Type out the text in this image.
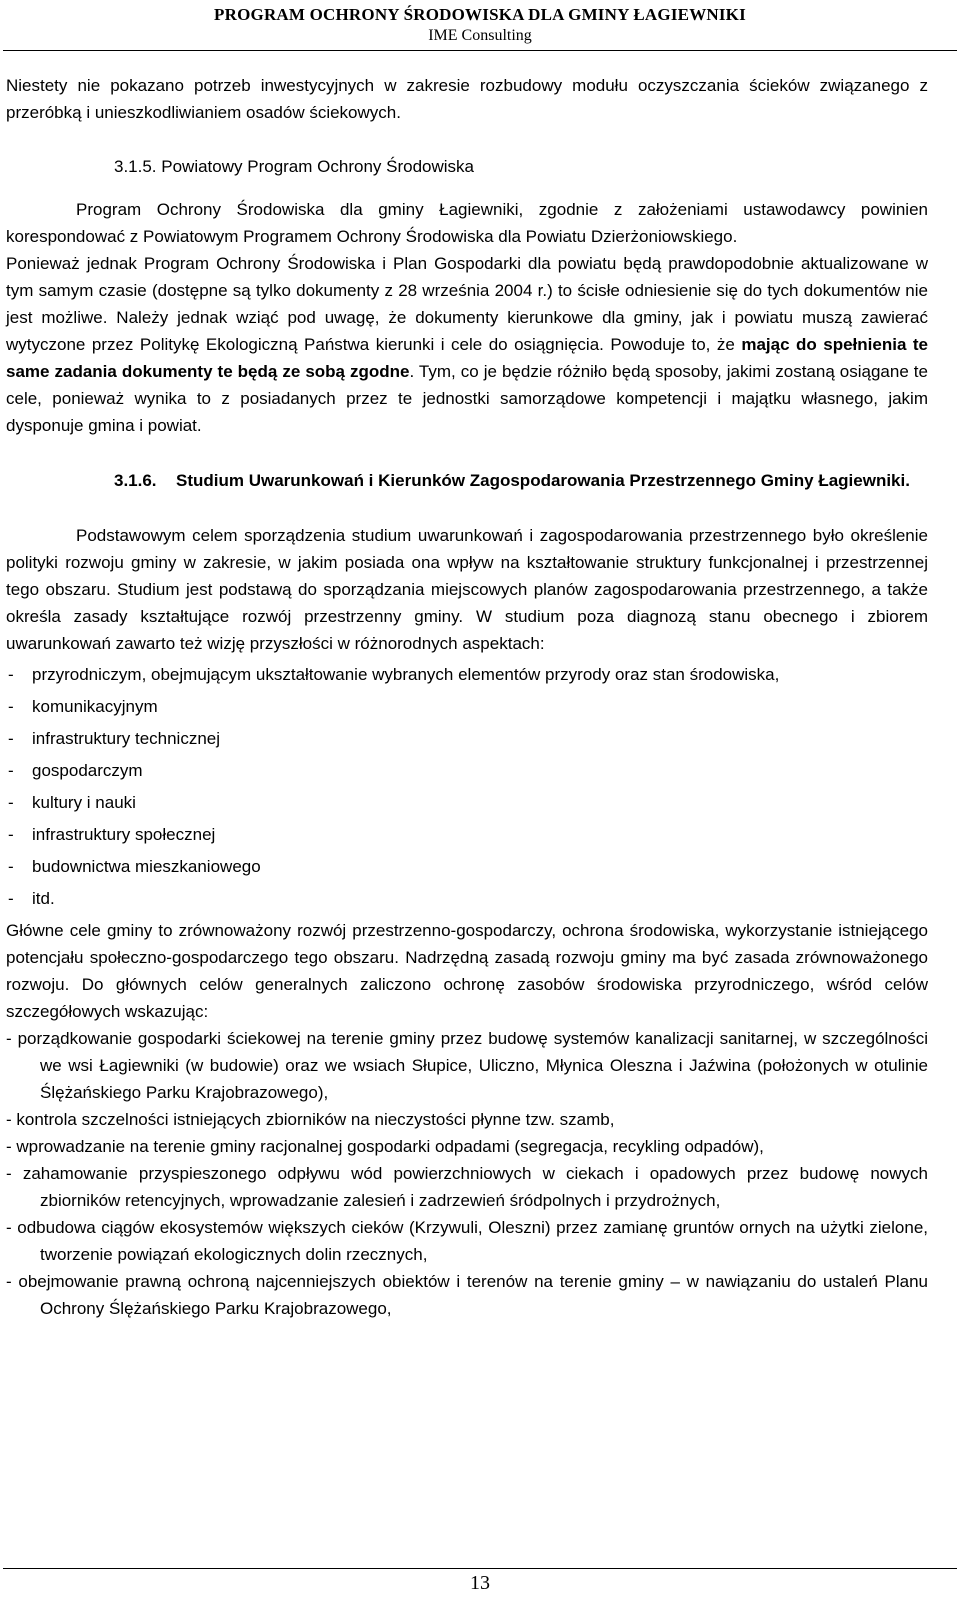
PROGRAM OCHRONY ŚRODOWISKA DLA GMINY ŁAGIEWNIKI
IME Consulting

Niestety nie pokazano potrzeb inwestycyjnych w zakresie rozbudowy modułu oczyszczania ścieków związanego z przeróbką i unieszkodliwianiem osadów ściekowych.

3.1.5. Powiatowy Program Ochrony Środowiska

Program Ochrony Środowiska dla gminy Łagiewniki, zgodnie z założeniami ustawodawcy powinien korespondować z Powiatowym Programem Ochrony Środowiska dla Powiatu Dzierżoniowskiego.

Ponieważ jednak Program Ochrony Środowiska i Plan Gospodarki dla powiatu będą prawdopodobnie aktualizowane w tym samym czasie (dostępne są tylko dokumenty z 28 września 2004 r.) to ścisłe odniesienie się do tych dokumentów nie jest możliwe. Należy jednak wziąć pod uwagę, że dokumenty kierunkowe dla gminy, jak i powiatu muszą zawierać wytyczone przez Politykę Ekologiczną Państwa kierunki i cele do osiągnięcia. Powoduje to, że mając do spełnienia te same zadania dokumenty te będą ze sobą zgodne. Tym, co je będzie różniło będą sposoby, jakimi zostaną osiągane te cele, ponieważ wynika to z posiadanych przez te jednostki samorządowe kompetencji i majątku własnego, jakim dysponuje gmina i powiat.

3.1.6. Studium Uwarunkowań i Kierunków Zagospodarowania Przestrzennego Gminy Łagiewniki.

Podstawowym celem sporządzenia studium uwarunkowań i zagospodarowania przestrzennego było określenie polityki rozwoju gminy w zakresie, w jakim posiada ona wpływ na kształtowanie struktury funkcjonalnej i przestrzennej tego obszaru. Studium jest podstawą do sporządzania miejscowych planów zagospodarowania przestrzennego, a także określa zasady kształtujące rozwój przestrzenny gminy. W studium poza diagnozą stanu obecnego i zbiorem uwarunkowań zawarto też wizję przyszłości w różnorodnych aspektach:

- przyrodniczym, obejmującym ukształtowanie wybranych elementów przyrody oraz stan środowiska,
- komunikacyjnym
- infrastruktury technicznej
- gospodarczym
- kultury i nauki
- infrastruktury społecznej
- budownictwa mieszkaniowego
- itd.

Główne cele gminy to zrównoważony rozwój przestrzenno-gospodarczy, ochrona środowiska, wykorzystanie istniejącego potencjału społeczno-gospodarczego tego obszaru. Nadrzędną zasadą rozwoju gminy ma być zasada zrównoważonego rozwoju. Do głównych celów generalnych zaliczono ochronę zasobów środowiska przyrodniczego, wśród celów szczegółowych wskazując:

- porządkowanie gospodarki ściekowej na terenie gminy przez budowę systemów kanalizacji sanitarnej, w szczególności we wsi Łagiewniki (w budowie) oraz we wsiach Słupice, Uliczno, Młynica Oleszna i Jaźwina (położonych w otulinie Ślężańskiego Parku Krajobrazowego),
- kontrola szczelności istniejących zbiorników na nieczystości płynne tzw. szamb,
- wprowadzanie na terenie gminy racjonalnej gospodarki odpadami (segregacja, recykling odpadów),
- zahamowanie przyspieszonego odpływu wód powierzchniowych w ciekach i opadowych przez budowę nowych zbiorników retencyjnych, wprowadzanie zalesień i zadrzewień śródpolnych i przydrożnych,
- odbudowa ciągów ekosystemów większych cieków (Krzywuli, Oleszni) przez zamianę gruntów ornych na użytki zielone, tworzenie powiązań ekologicznych dolin rzecznych,
- obejmowanie prawną ochroną najcenniejszych obiektów i terenów na terenie gminy – w nawiązaniu do ustaleń Planu Ochrony Ślężańskiego Parku Krajobrazowego,
13
